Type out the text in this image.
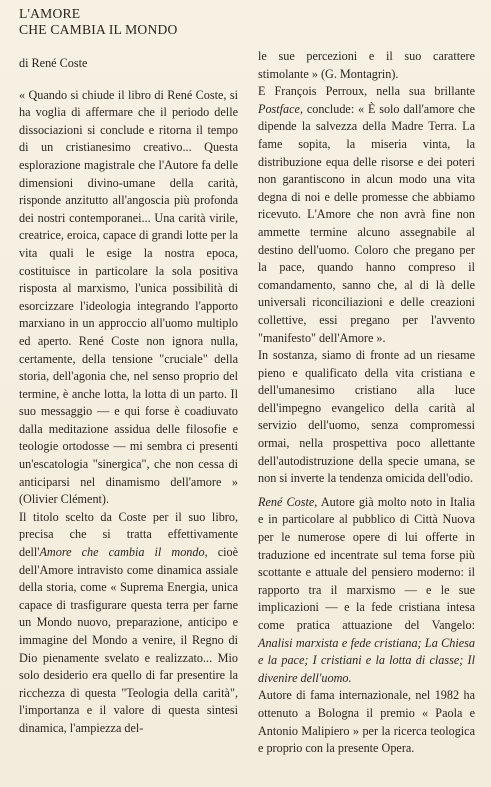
L'AMORE
CHE CAMBIA IL MONDO

di René Coste

« Quando si chiude il libro di René Coste, si ha voglia di affermare che il periodo delle dissociazioni si conclude e ritorna il tempo di un cristianesimo creativo... Questa esplorazione magistrale che l'Autore fa delle dimensioni divino-umane della carità, risponde anzitutto all'angoscia più profonda dei nostri contemporanei... Una carità virile, creatrice, eroica, capace di grandi lotte per la vita quali le esige la nostra epoca, costituisce in particolare la sola positiva risposta al marxismo, l'unica possibilità di esorcizzare l'ideologia integrando l'apporto marxiano in un approccio all'uomo multiplo ed aperto. René Coste non ignora nulla, certamente, della tensione "cruciale" della storia, dell'agonia che, nel senso proprio del termine, è anche lotta, la lotta di un parto. Il suo messaggio — e qui forse è coadiuvato dalla meditazione assidua delle filosofie e teologie ortodosse — mi sembra ci presenti un'escatologia "sinergica", che non cessa di anticiparsi nel dinamismo dell'amore » (Olivier Clément).

Il titolo scelto da Coste per il suo libro, precisa che si tratta effettivamente dell'Amore che cambia il mondo, cioè dell'Amore intravisto come dinamica assiale della storia, come « Suprema Energia, unica capace di trasfigurare questa terra per farne un Mondo nuovo, preparazione, anticipo e immagine del Mondo a venire, il Regno di Dio pienamente svelato e realizzato... Mio solo desiderio era quello di far presentire la ricchezza di questa "Teologia della carità", l'importanza e il valore di questa sintesi dinamica, l'ampiezza del-

le sue percezioni e il suo carattere stimolante » (G. Montagrin).

E François Perroux, nella sua brillante Postface, conclude: « È solo dall'amore che dipende la salvezza della Madre Terra. La fame sopita, la miseria vinta, la distribuzione equa delle risorse e dei poteri non garantiscono in alcun modo una vita degna di noi e delle promesse che abbiamo ricevuto. L'Amore che non avrà fine non ammette termine alcuno assegnabile al destino dell'uomo. Coloro che pregano per la pace, quando hanno compreso il comandamento, sanno che, al di là delle universali riconciliazioni e delle creazioni collettive, essi pregano per l'avvento "manifesto" dell'Amore ».

In sostanza, siamo di fronte ad un riesame pieno e qualificato della vita cristiana e dell'umanesimo cristiano alla luce dell'impegno evangelico della carità al servizio dell'uomo, senza compromessi ormai, nella prospettiva poco allettante dell'autodistruzione della specie umana, se non si inverte la tendenza omicida dell'odio.

René Coste, Autore già molto noto in Italia e in particolare al pubblico di Città Nuova per le numerose opere di lui offerte in traduzione ed incentrate sul tema forse più scottante e attuale del pensiero moderno: il rapporto tra il marxismo — e le sue implicazioni — e la fede cristiana intesa come pratica attuazione del Vangelo: Analisi marxista e fede cristiana; La Chiesa e la pace; I cristiani e la lotta di classe; Il divenire dell'uomo.

Autore di fama internazionale, nel 1982 ha ottenuto a Bologna il premio « Paola e Antonio Malipiero » per la ricerca teologica e proprio con la presente Opera.
